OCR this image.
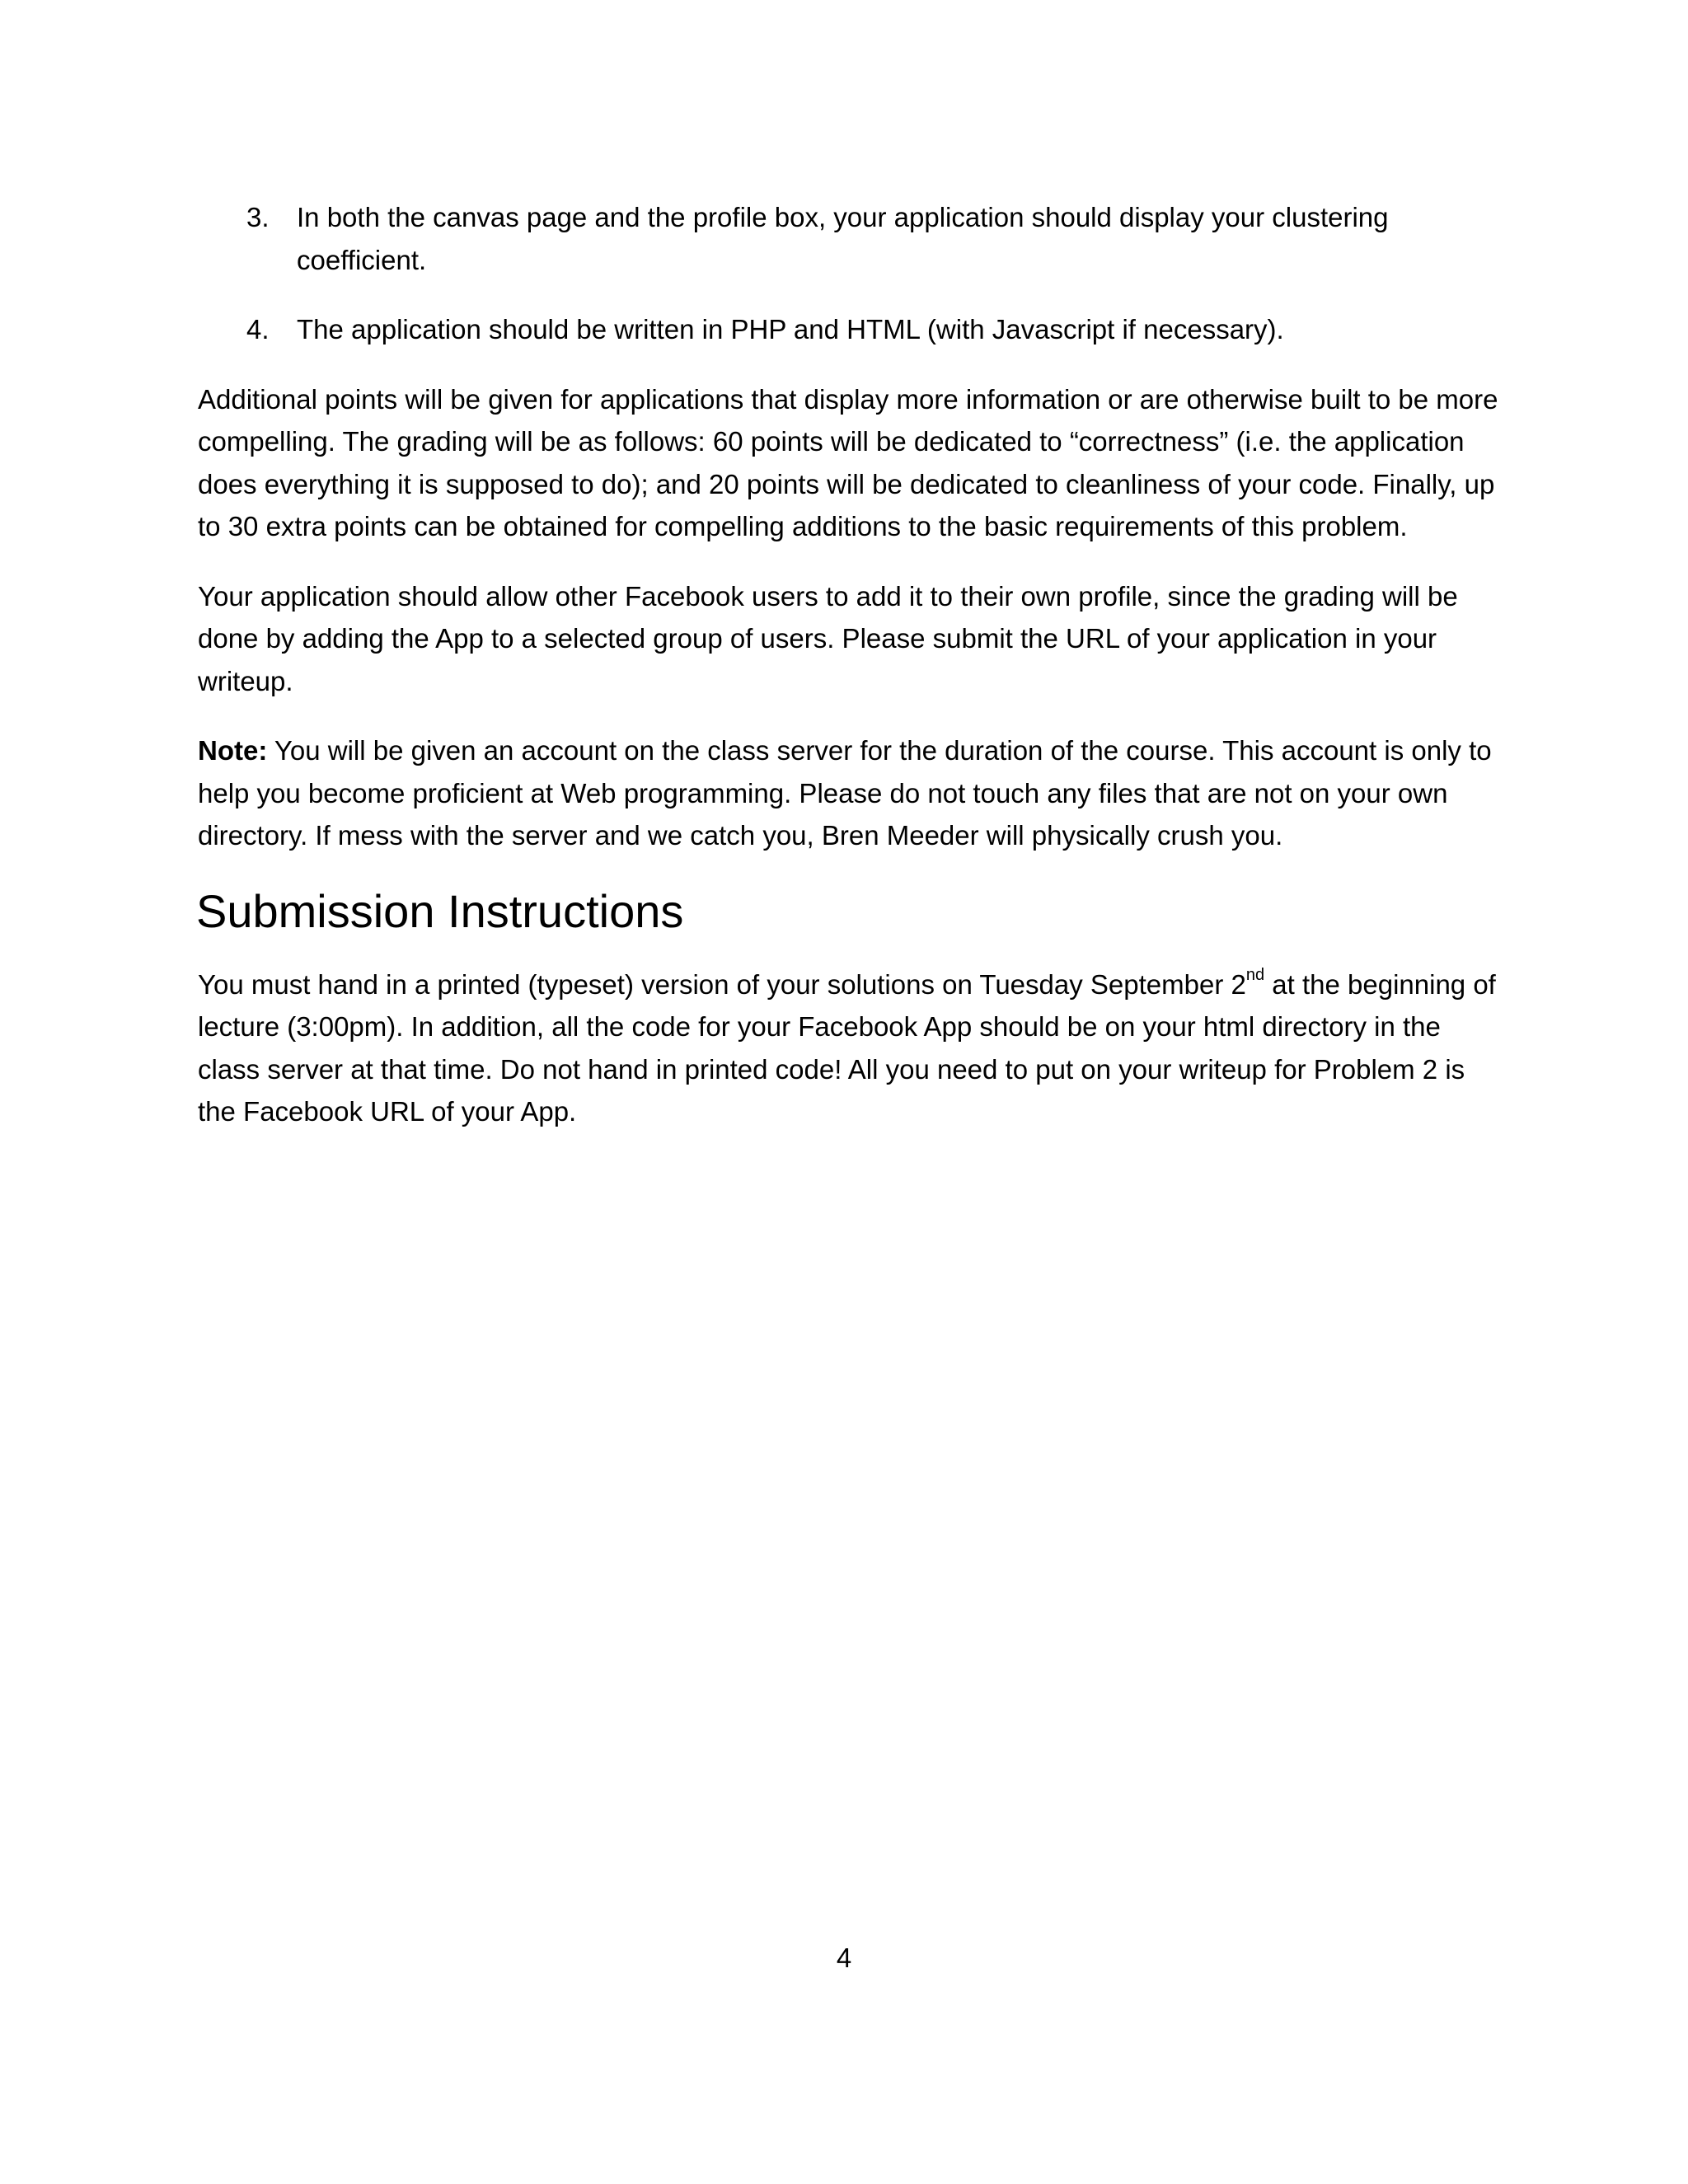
3. In both the canvas page and the profile box, your application should display your clustering coefficient.
4. The application should be written in PHP and HTML (with Javascript if necessary).

Additional points will be given for applications that display more information or are otherwise built to be more compelling. The grading will be as follows: 60 points will be dedicated to “correctness” (i.e. the application does everything it is supposed to do); and 20 points will be dedicated to cleanliness of your code. Finally, up to 30 extra points can be obtained for compelling additions to the basic requirements of this problem.

Your application should allow other Facebook users to add it to their own profile, since the grading will be done by adding the App to a selected group of users. Please submit the URL of your application in your writeup.

Note: You will be given an account on the class server for the duration of the course. This account is only to help you become proficient at Web programming. Please do not touch any files that are not on your own directory. If mess with the server and we catch you, Bren Meeder will physically crush you.

Submission Instructions

You must hand in a printed (typeset) version of your solutions on Tuesday September 2nd at the beginning of lecture (3:00pm). In addition, all the code for your Facebook App should be on your html directory in the class server at that time. Do not hand in printed code! All you need to put on your writeup for Problem 2 is the Facebook URL of your App.

4
